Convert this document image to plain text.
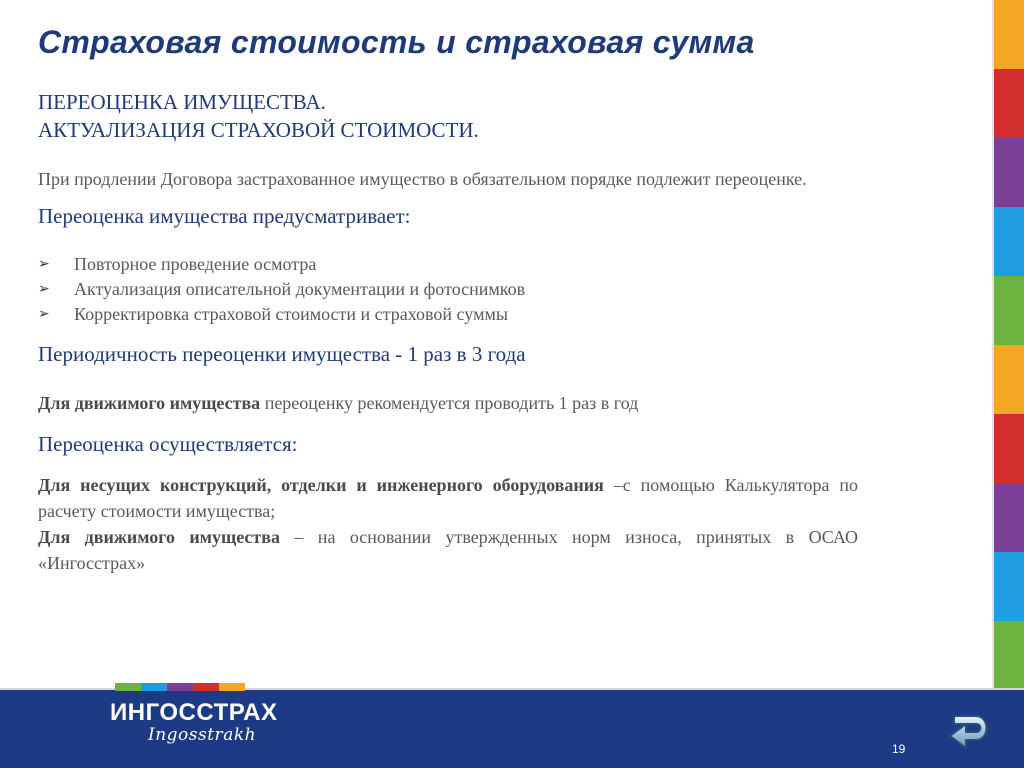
Страховая стоимость и страховая сумма
ПЕРЕОЦЕНКА ИМУЩЕСТВА.
АКТУАЛИЗАЦИЯ СТРАХОВОЙ СТОИМОСТИ.
При продлении Договора застрахованное имущество в обязательном порядке подлежит переоценке.
Переоценка имущества предусматривает:
➢	Повторное проведение осмотра
➢	Актуализация описательной документации и фотоснимков
➢	Корректировка страховой стоимости и страховой суммы
Периодичность переоценки имущества - 1 раз в 3 года
Для движимого имущества переоценку рекомендуется проводить 1 раз в год
Переоценка осуществляется:
Для несущих конструкций, отделки и инженерного оборудования –с помощью Калькулятора по расчету стоимости имущества;
Для движимого имущества – на основании утвержденных норм износа, принятых в ОСАО «Ингосстрах»
ИНГОССТРАХ
Ingosstrakh
19
